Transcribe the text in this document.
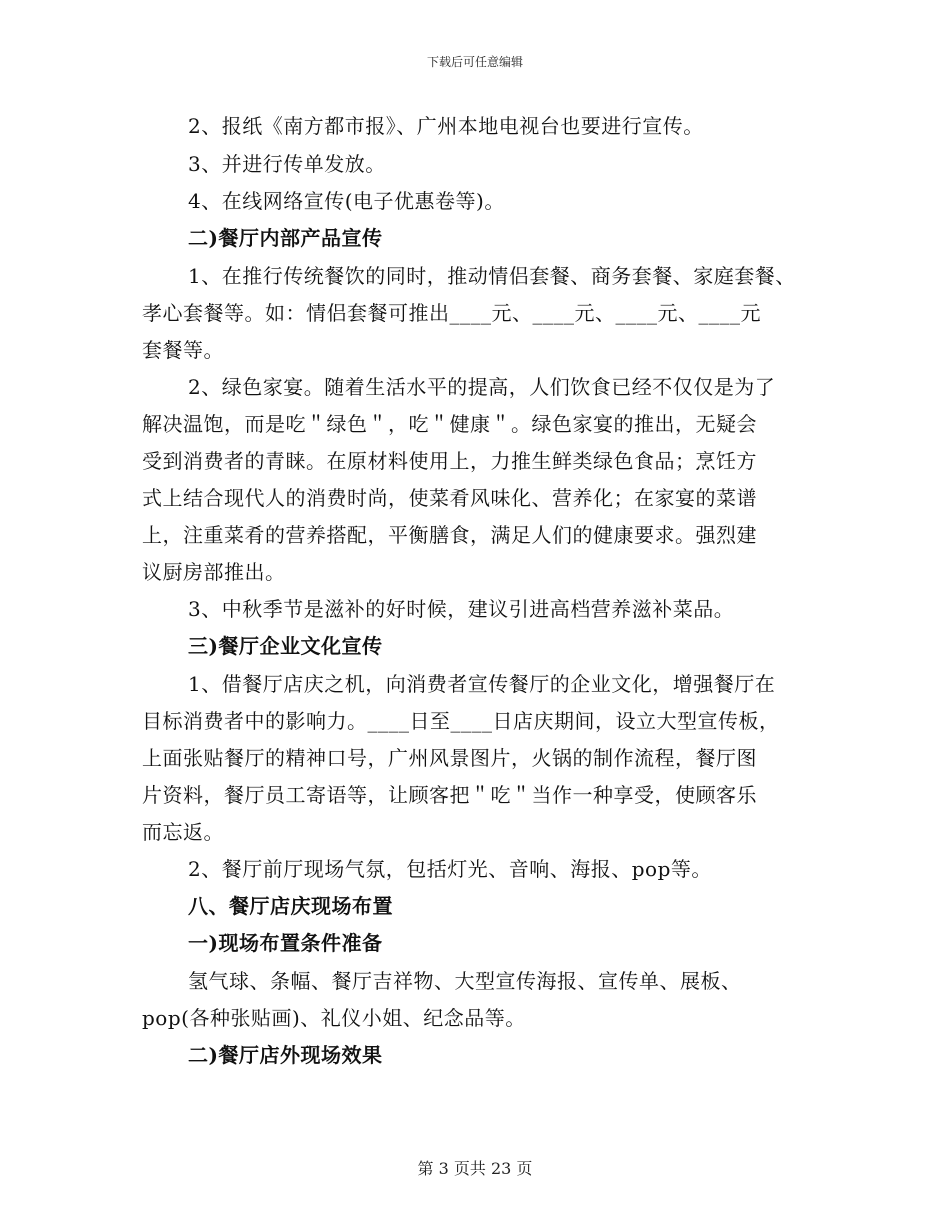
下载后可任意编辑
2、报纸《南方都市报》、广州本地电视台也要进行宣传。
3、并进行传单发放。
4、在线网络宣传(电子优惠卷等)。
二)餐厅内部产品宣传
1、在推行传统餐饮的同时，推动情侣套餐、商务套餐、家庭套餐、
孝心套餐等。如：情侣套餐可推出____元、____元、____元、____元
套餐等。
2、绿色家宴。随着生活水平的提高，人们饮食已经不仅仅是为了
解决温饱，而是吃＂绿色＂，吃＂健康＂。绿色家宴的推出，无疑会
受到消费者的青睐。在原材料使用上，力推生鲜类绿色食品；烹饪方
式上结合现代人的消费时尚，使菜肴风味化、营养化；在家宴的菜谱
上，注重菜肴的营养搭配，平衡膳食，满足人们的健康要求。强烈建
议厨房部推出。
3、中秋季节是滋补的好时候，建议引进高档营养滋补菜品。
三)餐厅企业文化宣传
1、借餐厅店庆之机，向消费者宣传餐厅的企业文化，增强餐厅在
目标消费者中的影响力。____日至____日店庆期间，设立大型宣传板，
上面张贴餐厅的精神口号，广州风景图片，火锅的制作流程，餐厅图
片资料，餐厅员工寄语等，让顾客把＂吃＂当作一种享受，使顾客乐
而忘返。
2、餐厅前厅现场气氛，包括灯光、音响、海报、pop等。
八、餐厅店庆现场布置
一)现场布置条件准备
氢气球、条幅、餐厅吉祥物、大型宣传海报、宣传单、展板、
pop(各种张贴画)、礼仪小姐、纪念品等。
二)餐厅店外现场效果
第 3 页共 23 页
